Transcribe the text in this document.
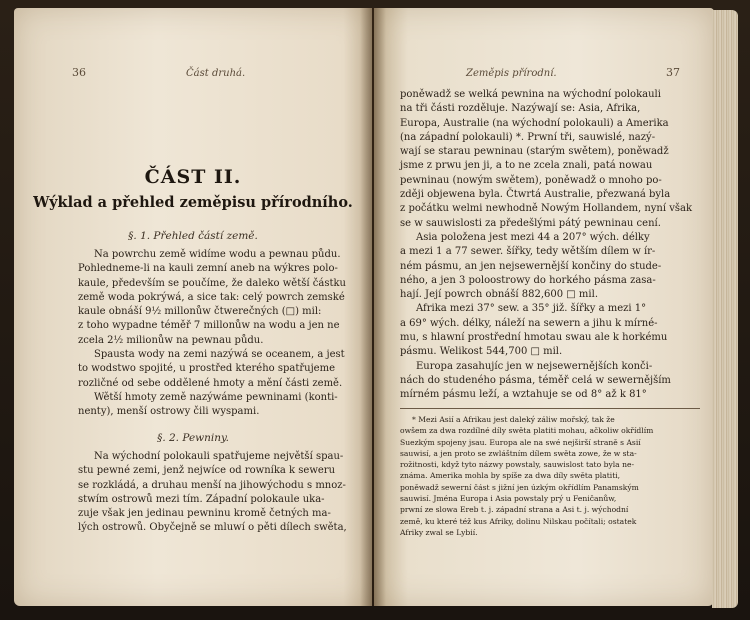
36	Část druhá.
ČÁST II.
Wýklad a přehled zeměpisu přírodního.
§. 1. Přehled částí země.
Na powrchu země widíme wodu a pewnau půdu.
Pohledneme-li na kauli zemní aneb na wýkres polo-
kaule, především se poučíme, že daleko wětší částku
země woda pokrýwá, a sice tak: celý powrch zemské
kaule obnáší 9½ millonůw čtwerečných (□) mil:
z toho wypadne téměř 7 millonůw na wodu a jen ne
zcela 2½ milionůw na pewnau půdu.
Spausta wody na zemi nazýwá se oceanem, a jest
to wodstwo spojité, u prostřed kterého spatřujeme
rozličné od sebe oddělené hmoty a mění části země.
Wětší hmoty země nazýwáme pewninami (konti-
nenty), menší ostrowy čili wyspami.
§. 2. Pewniny.
Na wýchodní polokauli spatřujeme největší spau-
stu pewné zemi, jenž nejwíce od rowníka k seweru
se rozkládá, a druhau menší na jihowýchodu s mnoz-
stwím ostrowů mezi tím. Západní polokaule uka-
zuje však jen jedinau pewninu kromě četných ma-
lých ostrowů. Obyčejně se mluwí o pěti dílech swěta,
Zeměpis přírodní.	37
poněwadž se welká pewnina na wýchodní polokauli
na tři části rozděluje. Nazýwají se: Asia, Afrika,
Europa, Australie (na wýchodní polokauli) a Amerika
(na západní polokauli) *. Prwní tři, sauwislé, nazý-
wají se starau pewninau (starým swětem), poněwadž
jsme z prwu jen ji, a to ne zcela znali, patá nowau
pewninau (nowým swětem), poněwadž o mnoho po-
zději objewena byla. Čtwrtá Australie, přezwaná byla
z počátku welmi newhodně Nowým Hollandem, nyní však
se w sauwislosti za předešlými pátý pewninau cení.
Asia položena jest mezi 44 a 207° wých. délky
a mezi 1 a 77 sewer. šířky, tedy wětším dílem w ír-
ném pásmu, an jen nejsewernější končiny do stude-
ného, a jen 3 poloostrowy do horkého pásma zasa-
hají. Její powrch obnáší 882,600 □ mil.
Afrika mezi 37° sew. a 35° již. šířky a mezi 1°
a 69° wých. délky, náleží na sewern a jihu k mírné-
mu, s hlawní prostřední hmotau swau ale k horkému
pásmu. Welikost 544,700 □ mil.
Europa zasahujíc jen w nejsewernějších konči-
nách do studeného pásma, téměř celá w sewernějším
mírném pásmu leží, a wztahuje se od 8° až k 81°
* Mezi Asií a Afrikau jest daleký záliw mořský, tak že
owšem za dwa rozdílné díly swěta platiti mohau, ačkoliw okřídlím
Suezkým spojeny jsau. Europa ale na swé nejširší straně s Asií
sauwisí, a jen proto se zwláštním dílem swěta zowe, že w sta-
rožitnosti, když tyto názwy powstaly, sauwislost tato byla ne-
známa. Amerika mohla by spíše za dwa díly swěta platiti,
poněwadž sewerní část s jižní jen úzkým okřídlím Panamským
sauwisí. Jména Europa i Asia powstaly prý u Feničanůw,
prwní ze slowa Ereb t. j. západní strana a Asi t. j. wýchodní
země, ku které též kus Afriky, dolinu Nilskau počítali; ostatek
Afriky zwal se Lybií.
